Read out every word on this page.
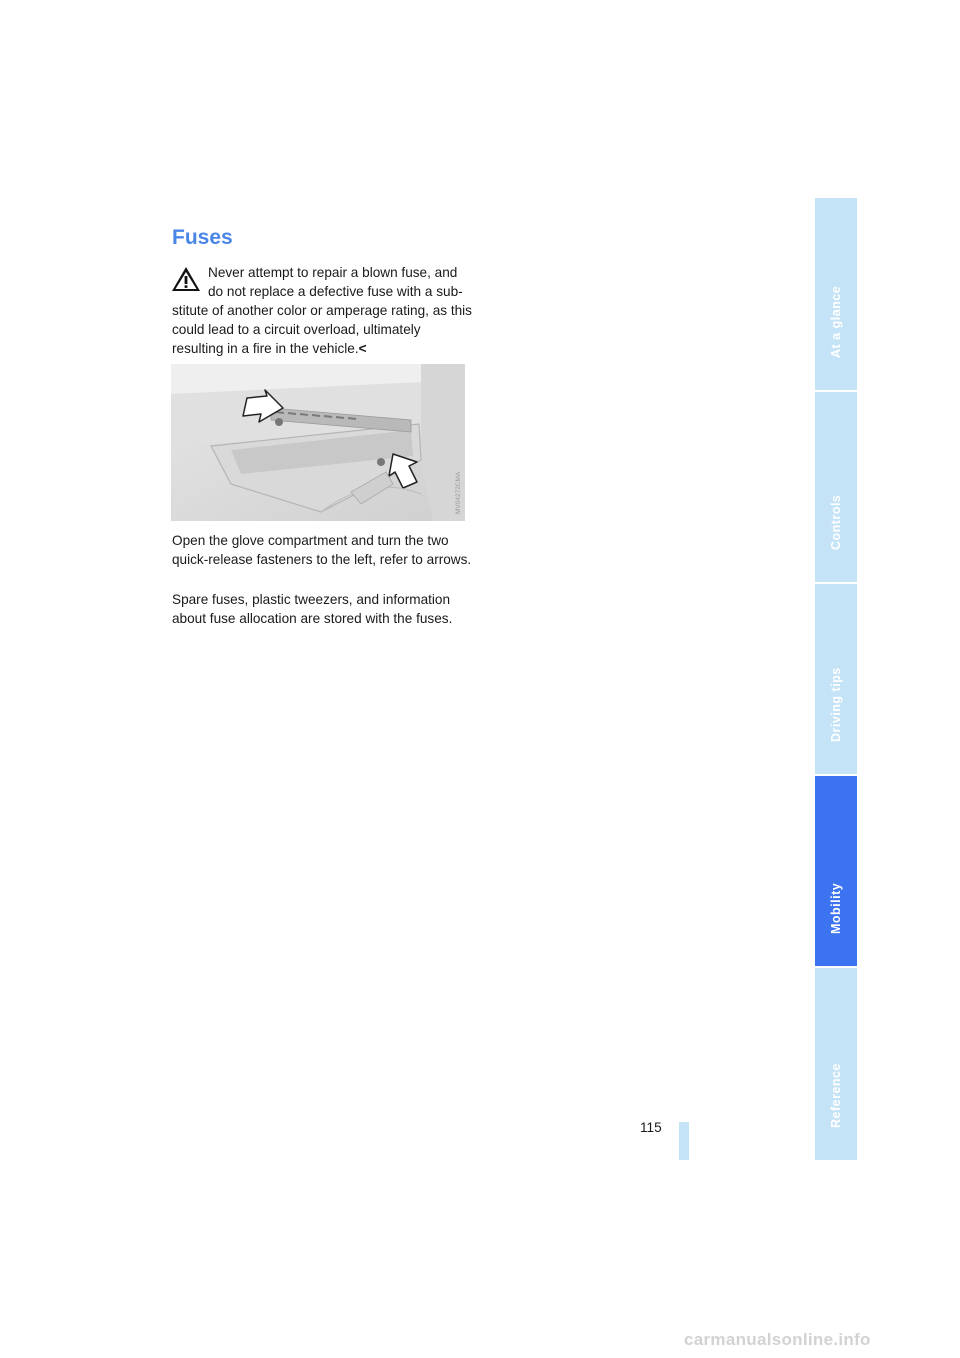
Fuses
Never attempt to repair a blown fuse, and
do not replace a defective fuse with a sub-

stitute of another color or amperage rating, as this could lead to a circuit overload, ultimately resulting in a fire in the vehicle.<

MV04272CMA

Open the glove compartment and turn the two quick-release fasteners to the left, refer to arrows.

Spare fuses, plastic tweezers, and information about fuse allocation are stored with the fuses.

115
At a glance
Controls
Driving tips
Mobility
Reference
carmanualsonline.info
